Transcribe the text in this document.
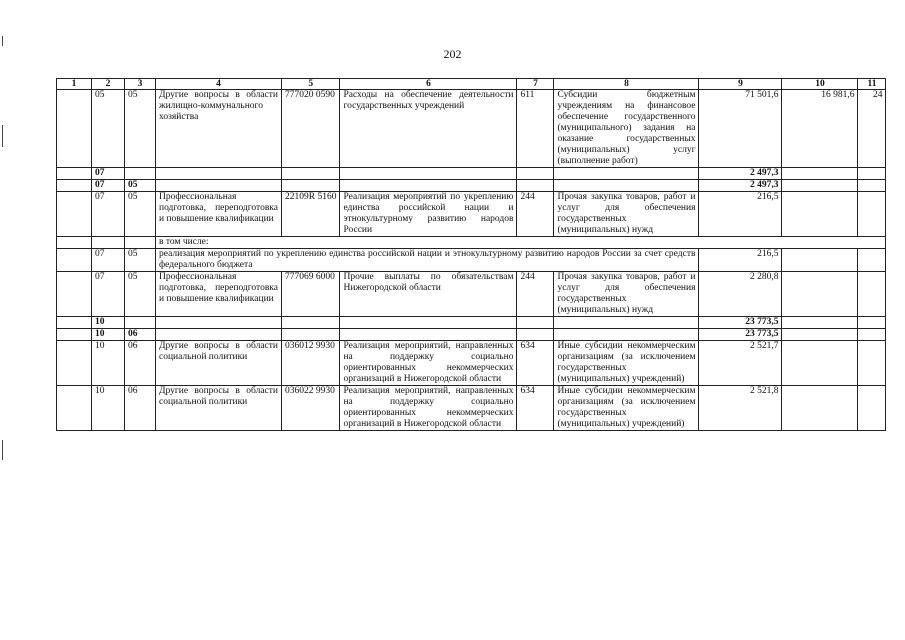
202
1	2	3	4	5	6	7	8	9	10	11
	05	05	Другие вопросы в области жилищно-коммунального хозяйства	777020 0590	Расходы на обеспечение деятельности государственных учреждений	611	Субсидии бюджетным учреждениям на финансовое обеспечение государственного (муниципального) задания на оказание государственных (муниципальных) услуг (выполнение работ)	71 501,6	16 981,6	24
	07							2 497,3		
	07	05						2 497,3		
	07	05	Профессиональная подготовка, переподготовка и повышение квалификации	22109R 5160	Реализация мероприятий по укреплению единства российской нации и этнокультурному развитию народов России	244	Прочая закупка товаров, работ и услуг для обеспечения государственных (муниципальных) нужд	216,5		
			в том числе:							
	07	05	реализация мероприятий по укреплению единства российской нации и этнокультурному развитию народов России за счет средств федерального бюджета					216,5		
	07	05	Профессиональная подготовка, переподготовка и повышение квалификации	777069 6000	Прочие выплаты по обязательствам Нижегородской области	244	Прочая закупка товаров, работ и услуг для обеспечения государственных (муниципальных) нужд	2 280,8		
	10							23 773,5		
	10	06						23 773,5		
	10	06	Другие вопросы в области социальной политики	036012 9930	Реализация мероприятий, направленных на поддержку социально ориентированных некоммерческих организаций в Нижегородской области	634	Иные субсидии некоммерческим организациям (за исключением государственных (муниципальных) учреждений)	2 521,7		
	10	06	Другие вопросы в области социальной политики	036022 9930	Реализация мероприятий, направленных на поддержку социально ориентированных некоммерческих организаций в Нижегородской области	634	Иные субсидии некоммерческим организациям (за исключением государственных (муниципальных) учреждений)	2 521,8		
